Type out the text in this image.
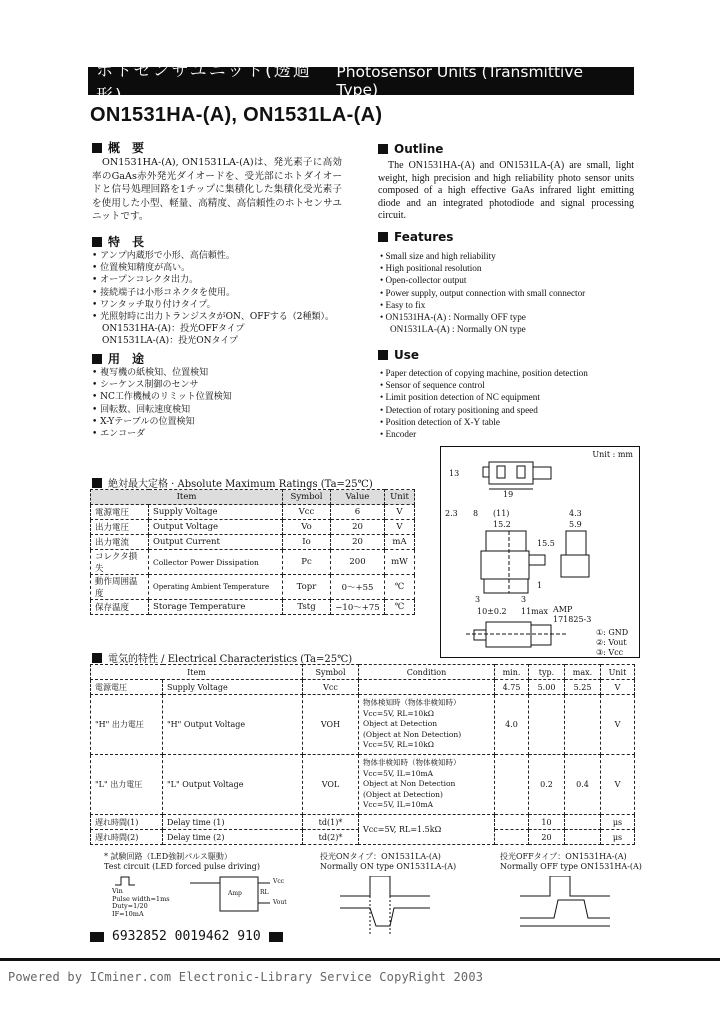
ホトセンサユニット(透過形)
Photosensor Units (Transmittive Type)
ON1531HA-(A), ON1531LA-(A)
概　要
ON1531HA-(A), ON1531LA-(A)は、発光素子に高効率のGaAs赤外発光ダイオードを、受光部にホトダイオードと信号処理回路を1チップに集積化した集積化受光素子を使用した小型、軽量、高精度、高信頼性のホトセンサユニットです。
特　長
• アンプ内蔵形で小形、高信頼性。
• 位置検知精度が高い。
• オープンコレクタ出力。
• 接続端子は小形コネクタを使用。
• ワンタッチ取り付けタイプ。
• 光照射時に出力トランジスタがON、OFFする（2種類）。
ON1531HA-(A)：投光OFFタイプ
ON1531LA-(A)：投光ONタイプ
用　途
• 複写機の紙検知、位置検知
• シーケンス制御のセンサ
• NC工作機械のリミット位置検知
• 回転数、回転速度検知
• X-Yテーブルの位置検知
• エンコーダ
Outline
The ON1531HA-(A) and ON1531LA-(A) are small, light weight, high precision and high reliability photo sensor units composed of a high effective GaAs infrared light emitting diode and an integrated photodiode and signal processing circuit.
Features
• Small size and high reliability
• High positional resolution
• Open-collector output
• Power supply, output connection with small connector
• Easy to fix
• ON1531HA-(A) : Normally OFF type
ON1531LA-(A) : Normally ON type
Use
• Paper detection of copying machine, position detection
• Sensor of sequence control
• Limit position detection of NC equipment
• Detection of rotary positioning and speed
• Position detection of X-Y table
• Encoder
Unit : mm
13
19
2.3 8 (11)
15.2
15.5
4.3
5.9
10±0.2 11max
3	3
1
AMP 171825-3
①: GND
②: Vout
③: Vcc
絶対最大定格 · Absolute Maximum Ratings (Ta=25℃)
Item		Symbol	Value	Unit
電源電圧	Supply Voltage	Vcc	6	V
出力電圧	Output Voltage	Vo	20	V
出力電流	Output Current	Io	20	mA
コレクタ損失	Collector Power Dissipation	Pc	200	mW
動作周囲温度	Operating Ambient Temperature	Topr	0～+55	℃
保存温度	Storage Temperature	Tstg	−10～+75	℃
電気的特性 / Electrical Characteristics (Ta=25℃)
Item		Symbol	Condition	min.	typ.	max.	Unit
電源電圧	Supply Voltage	Vcc		4.75	5.00	5.25	V
"H" 出力電圧	"H" Output Voltage	VOH	物体検知時（物体非検知時）
Vcc=5V, RL=10kΩ
Object at Detection
(Object at Non Detection)
Vcc=5V, RL=10kΩ	4.0			V
"L" 出力電圧	"L" Output Voltage	VOL	物体非検知時（物体検知時）
Vcc=5V, IL=10mA
Object at Non Detection
(Object at Detection)
Vcc=5V, IL=10mA		0.2	0.4	V
遅れ時間(1)	Delay time (1)	td(1)*	Vcc=5V, RL=1.5kΩ		10		μs
遅れ時間(2)	Delay time (2)	td(2)*			20		μs
* 試験回路（LED強制パルス駆動）
Test circuit (LED forced pulse driving)
Vin
Pulse width=1ms
Duty=1/20
IF=10mA
Amp
Vcc
Vout
RL
投光ONタイプ：ON1531LA-(A)
Normally ON type ON1531LA-(A)
投光OFFタイプ：ON1531HA-(A)
Normally OFF type ON1531HA-(A)
6932852 0019462 910
Powered by ICminer.com Electronic-Library Service CopyRight 2003
